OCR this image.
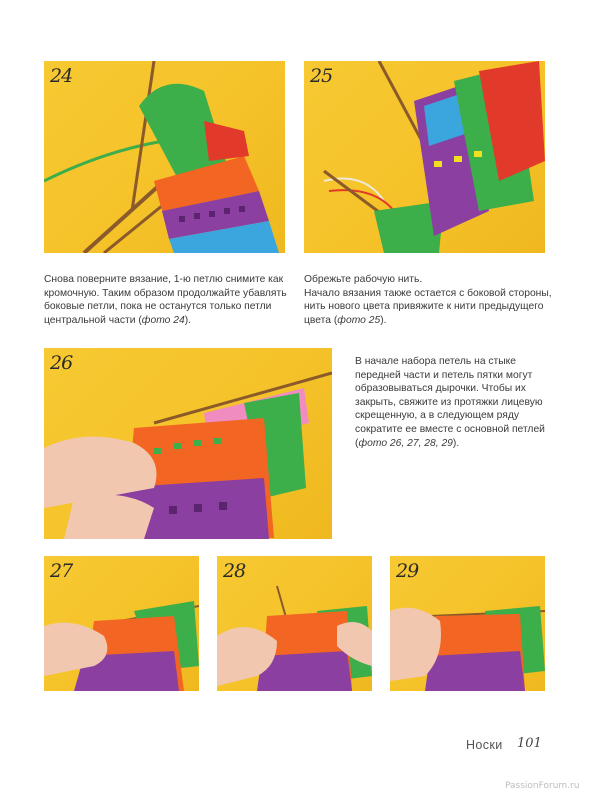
24	25

Снова поверните вязание, 1-ю петлю снимите как
кромочную. Таким образом продолжайте убавлять
боковые петли, пока не останутся только петли
центральной части (фото 24).

Обрежьте рабочую нить.
Начало вязания также остается с боковой стороны,
нить нового цвета привяжите к нити предыдущего
цвета (фото 25).

26	В начале набора петель на стыке
передней части и петель пятки могут
образовываться дырочки. Чтобы их
закрыть, свяжите из протяжки лицевую
скрещенную, а в следующем ряду
сократите ее вместе с основной петлей
(фото 26, 27, 28, 29).

27	28	29
Носки 101
PassionForum.ru
